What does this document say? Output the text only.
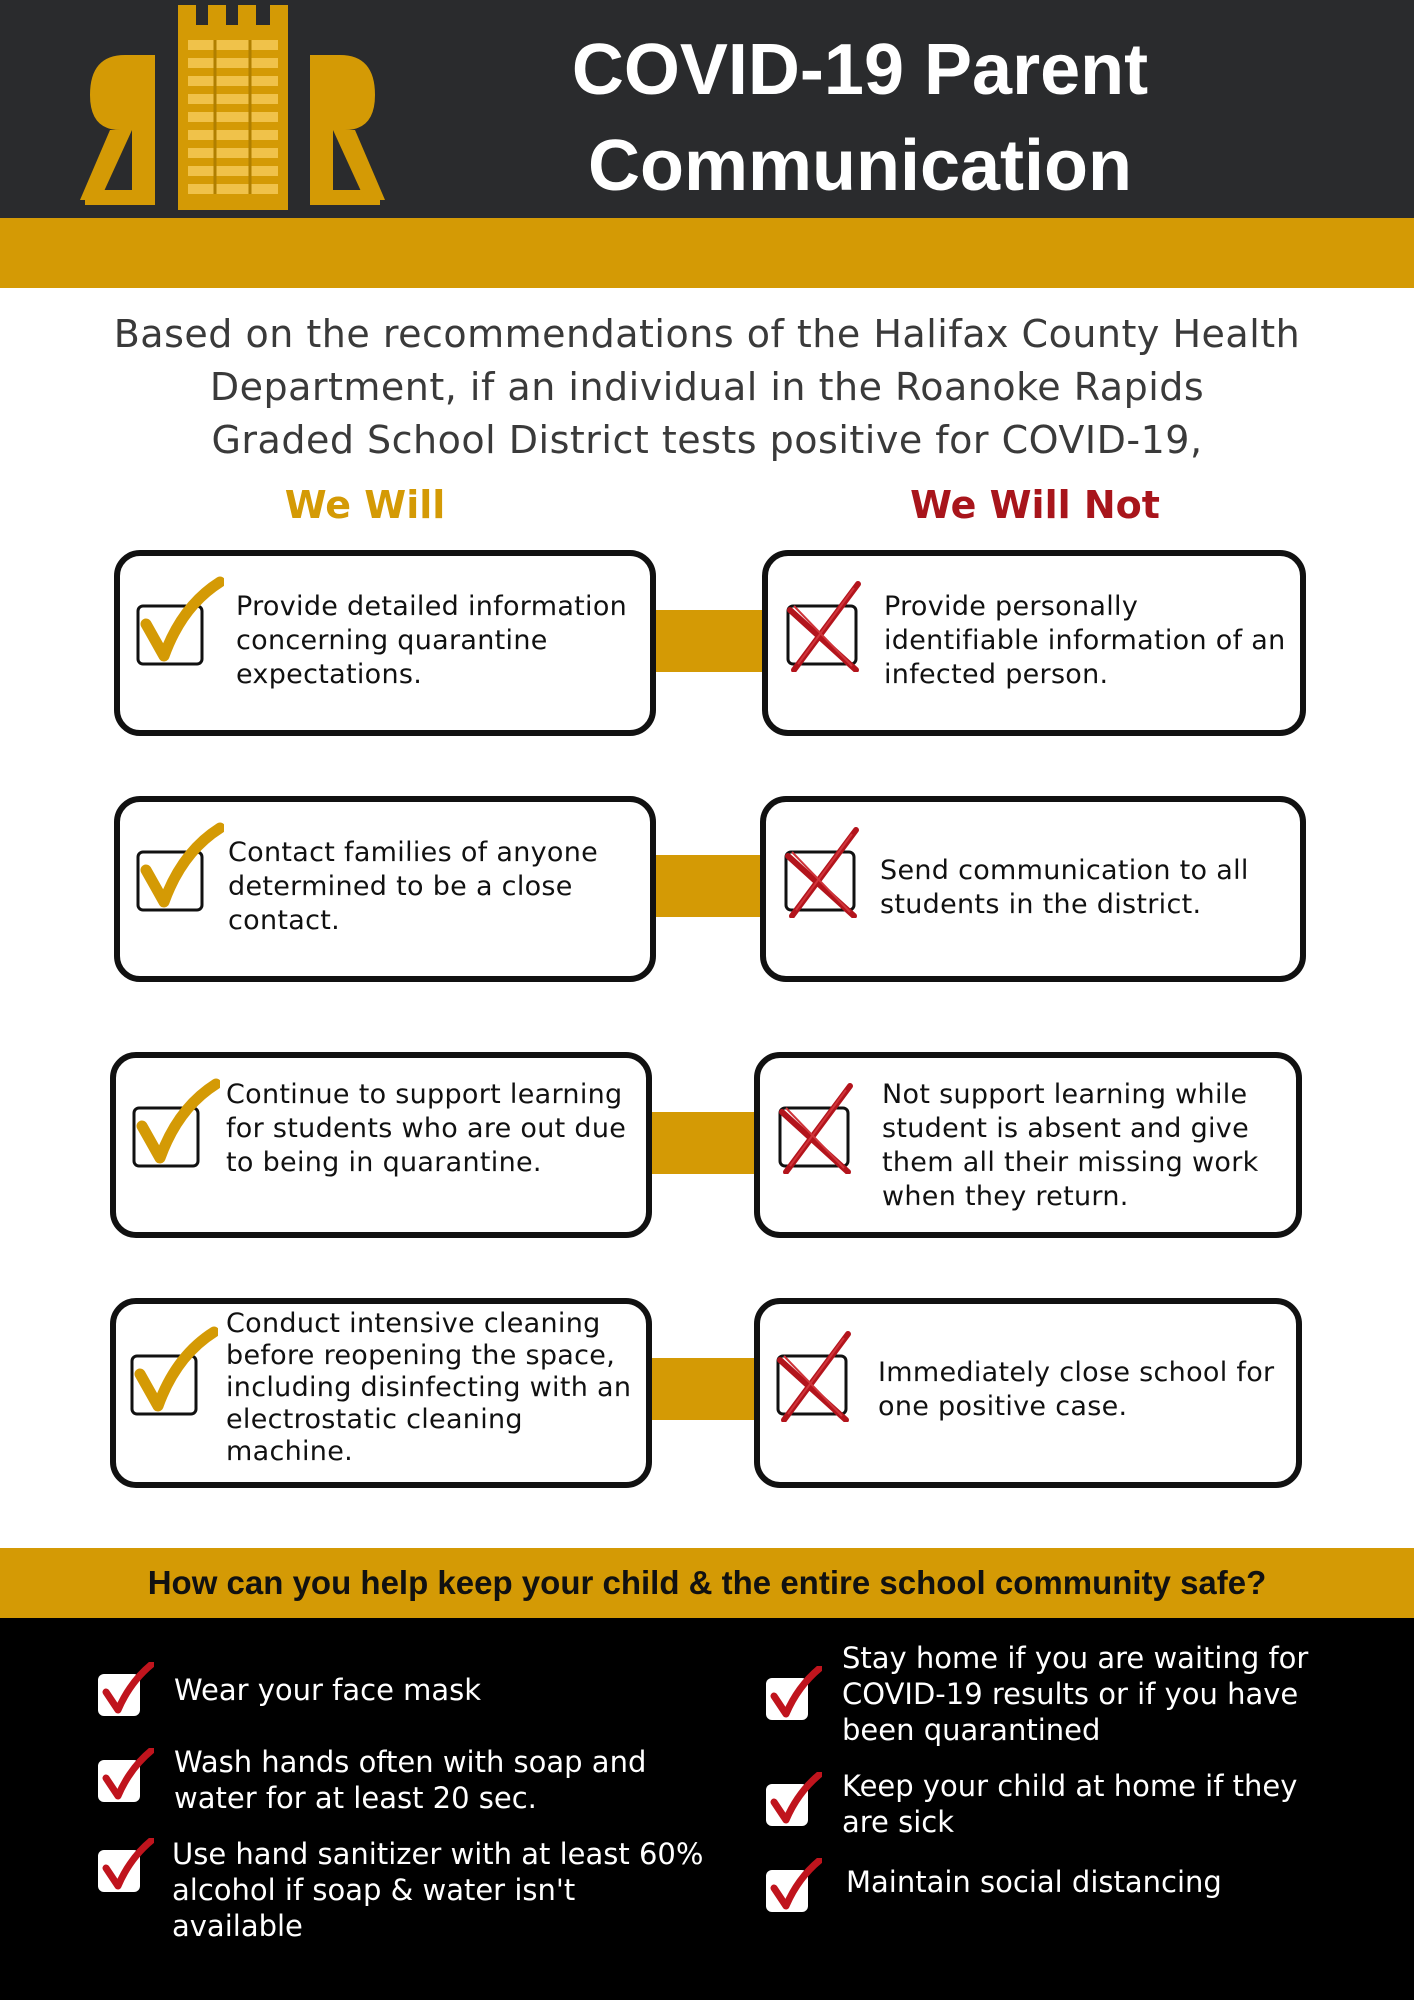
COVID-19 Parent
Communication
Based on the recommendations of the Halifax County Health
Department, if an individual in the Roanoke Rapids
Graded School District tests positive for COVID-19,
We Will	We Will Not
Provide detailed information concerning quarantine expectations.
Provide personally identifiable information of an infected person.
Contact families of anyone determined to be a close contact.
Send communication to all students in the district.
Continue to support learning for students who are out due to being in quarantine.
Not support learning while student is absent and give them all their missing work when they return.
Conduct intensive cleaning before reopening the space, including disinfecting with an electrostatic cleaning machine.
Immediately close school for one positive case.
How can you help keep your child & the entire school community safe?
Wear your face mask
Wash hands often with soap and water for at least 20 sec.
Use hand sanitizer with at least 60% alcohol if soap & water isn't available
Stay home if you are waiting for COVID-19 results or if you have been quarantined
Keep your child at home if they are sick
Maintain social distancing
